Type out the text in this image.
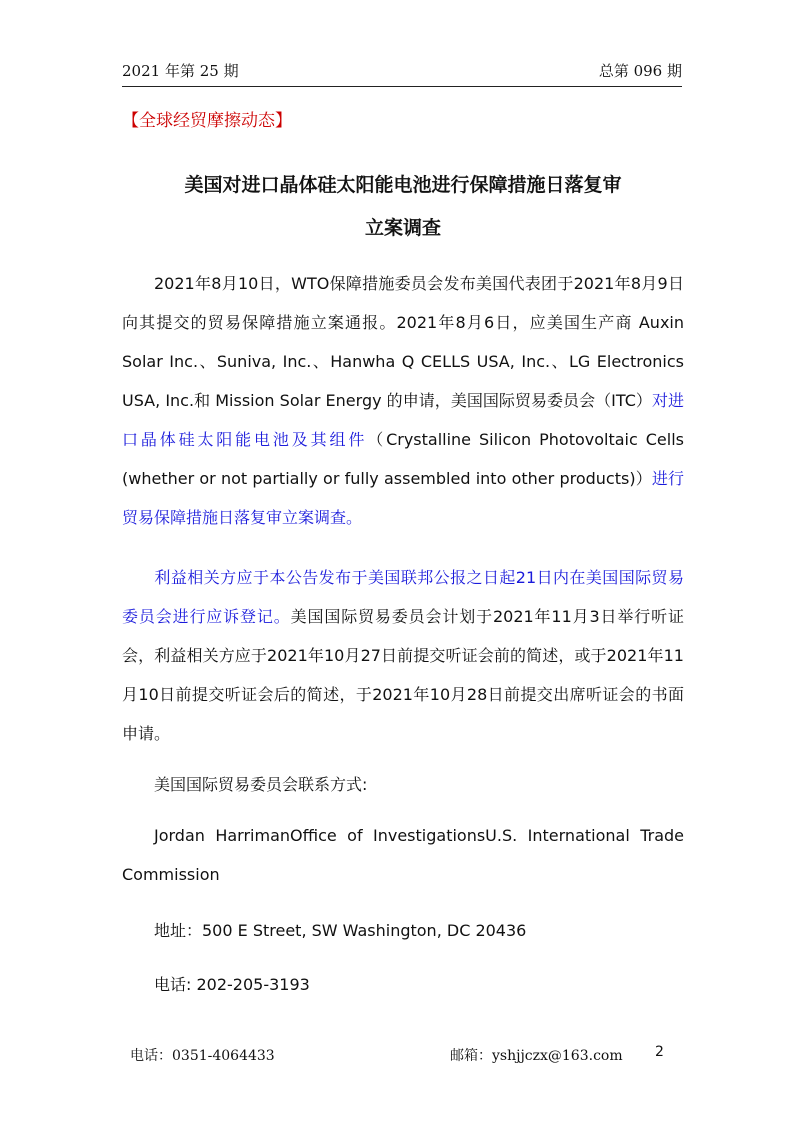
2021 年第 25 期	总第 096 期
【全球经贸摩擦动态】
美国对进口晶体硅太阳能电池进行保障措施日落复审
立案调查
2021年8月10日，WTO保障措施委员会发布美国代表团于2021年8月9日向其提交的贸易保障措施立案通报。2021年8月6日，应美国生产商 Auxin Solar Inc.、Suniva, Inc.、Hanwha Q CELLS USA, Inc.、LG Electronics USA, Inc.和 Mission Solar Energy 的申请，美国国际贸易委员会（ITC）对进口晶体硅太阳能电池及其组件（Crystalline Silicon Photovoltaic Cells (whether or not partially or fully assembled into other products)）进行贸易保障措施日落复审立案调查。
利益相关方应于本公告发布于美国联邦公报之日起21日内在美国国际贸易委员会进行应诉登记。美国国际贸易委员会计划于2021年11月3日举行听证会，利益相关方应于2021年10月27日前提交听证会前的简述，或于2021年11月10日前提交听证会后的简述，于2021年10月28日前提交出席听证会的书面申请。
美国国际贸易委员会联系方式:
Jordan HarrimanOffice of InvestigationsU.S. International Trade Commission
地址：500 E Street, SW Washington, DC 20436
电话: 202-205-3193
电话：0351-4064433	邮箱：yshjjczx@163.com 2
